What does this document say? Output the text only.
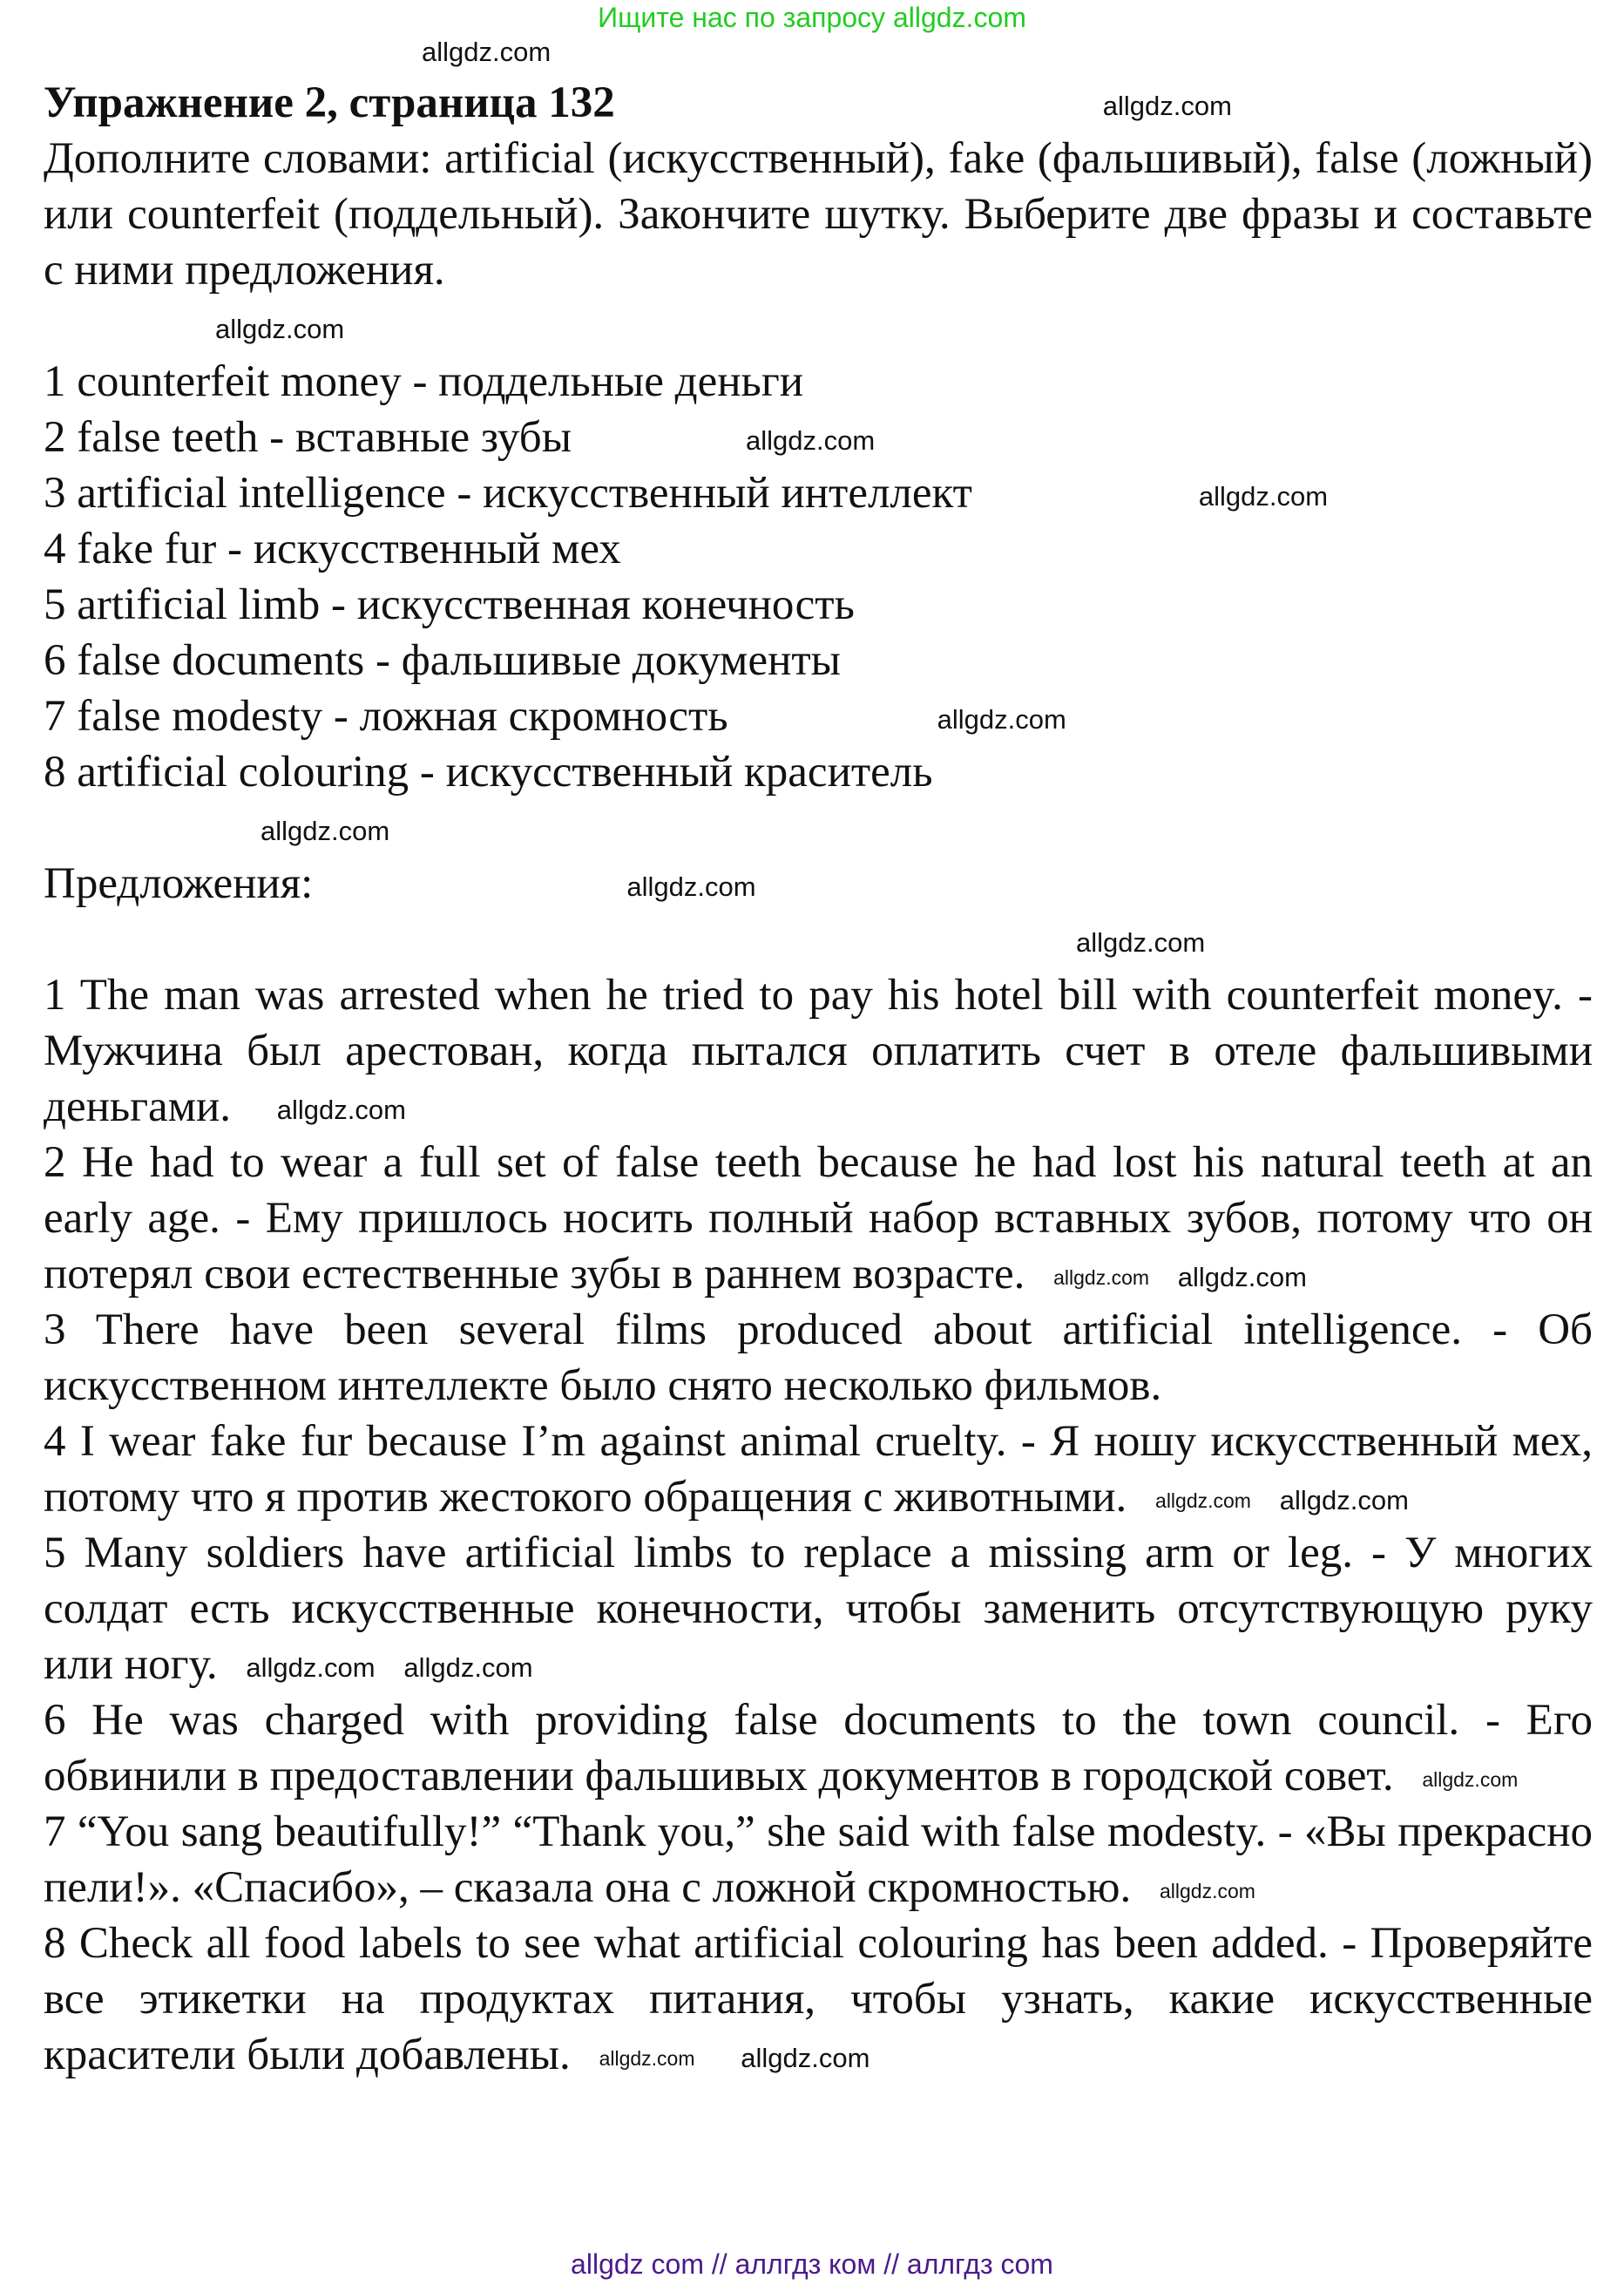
Ищите нас по запросу allgdz.com
allgdz.com

Упражнение 2, страница 132	allgdz.com

Дополните словами: artificial (искусственный), fake (фальшивый), false (ложный) или counterfeit (поддельный). Закончите шутку. Выберите две фразы и составьте с ними предложения.

allgdz.com

1 counterfeit money - поддельные деньги

2 false teeth - вставные зубы	allgdz.com

3 artificial intelligence - искусственный интеллект	allgdz.com

4 fake fur - искусственный мех

5 artificial limb - искусственная конечность

6 false documents - фальшивые документы

7 false modesty - ложная скромность	allgdz.com

8 artificial colouring - искусственный краситель

allgdz.com

Предложения:	allgdz.com

allgdz.com

1 The man was arrested when he tried to pay his hotel bill with counterfeit money. - Мужчина был арестован, когда пытался оплатить счет в отеле фальшивыми деньгами. allgdz.com

2 He had to wear a full set of false teeth because he had lost his natural teeth at an early age. - Ему пришлось носить полный набор вставных зубов, потому что он потерял свои естественные зубы в раннем возрасте. allgdz.com allgdz.com

3 There have been several films produced about artificial intelligence. - Об искусственном интеллекте было снято несколько фильмов.

4 I wear fake fur because I’m against animal cruelty. - Я ношу искусственный мех, потому что я против жестокого обращения с животными. allgdz.com allgdz.com

5 Many soldiers have artificial limbs to replace a missing arm or leg. - У многих солдат есть искусственные конечности, чтобы заменить отсутствующую руку или ногу. allgdz.com allgdz.com

6 He was charged with providing false documents to the town council. - Его обвинили в предоставлении фальшивых документов в городской совет. allgdz.com

7 “You sang beautifully!” “Thank you,” she said with false modesty. - «Вы прекрасно пели!». «Спасибо», – сказала она с ложной скромностью. allgdz.com

8 Check all food labels to see what artificial colouring has been added. - Проверяйте все этикетки на продуктах питания, чтобы узнать, какие искусственные красители были добавлены. allgdz.com allgdz.com

allgdz com // аллгдз ком // аллгдз com
